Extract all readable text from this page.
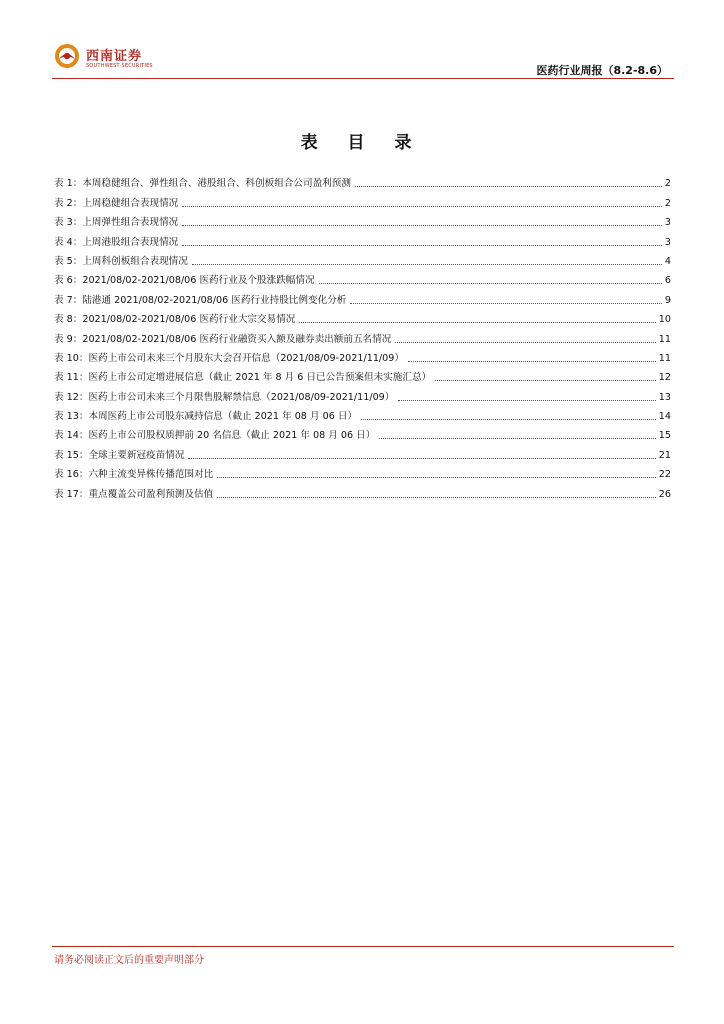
西南证券
SOUTHWEST SECURITIES	医药行业周报（8.2-8.6）
表 目 录
表 1：本周稳健组合、弹性组合、港股组合、科创板组合公司盈利预测	2
表 2：上周稳健组合表现情况	2
表 3：上周弹性组合表现情况	3
表 4：上周港股组合表现情况	3
表 5：上周科创板组合表现情况	4
表 6：2021/08/02-2021/08/06 医药行业及个股涨跌幅情况	6
表 7：陆港通 2021/08/02-2021/08/06 医药行业持股比例变化分析	9
表 8：2021/08/02-2021/08/06 医药行业大宗交易情况	10
表 9：2021/08/02-2021/08/06 医药行业融资买入额及融券卖出额前五名情况	11
表 10：医药上市公司未来三个月股东大会召开信息（2021/08/09-2021/11/09）	11
表 11：医药上市公司定增进展信息（截止 2021 年 8 月 6 日已公告预案但未实施汇总）	12
表 12：医药上市公司未来三个月限售股解禁信息（2021/08/09-2021/11/09）	13
表 13：本周医药上市公司股东减持信息（截止 2021 年 08 月 06 日）	14
表 14：医药上市公司股权质押前 20 名信息（截止 2021 年 08 月 06 日）	15
表 15：全球主要新冠疫苗情况	21
表 16：六种主流变异株传播范围对比	22
表 17：重点覆盖公司盈利预测及估值	26
请务必阅读正文后的重要声明部分
